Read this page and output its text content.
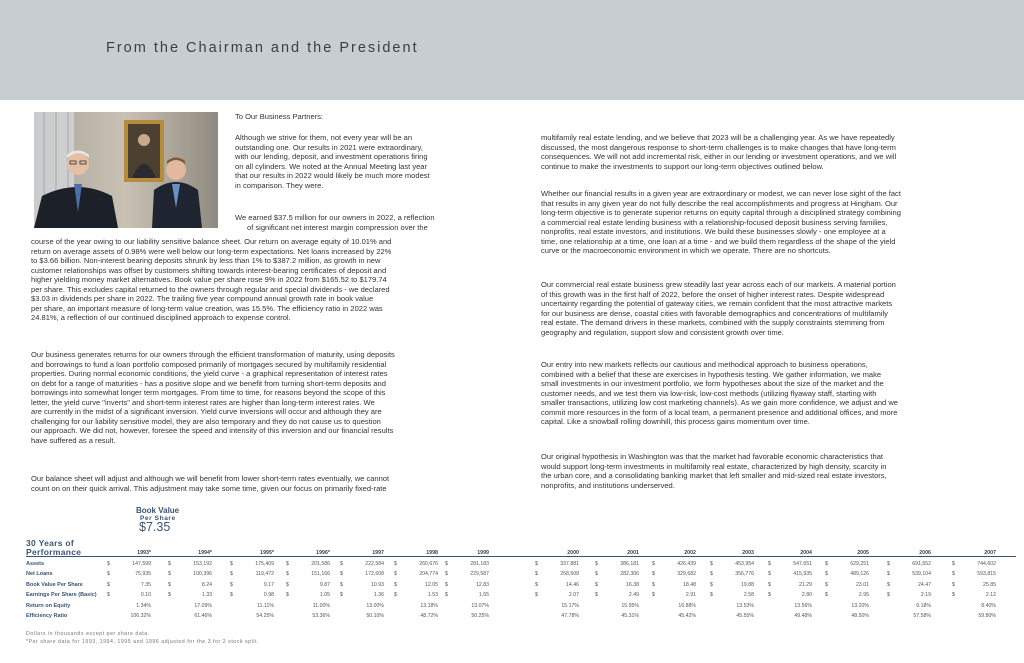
From the Chairman and the President
To Our Business Partners:

Although we strive for them, not every year will be an

outstanding one. Our results in 2021 were extraordinary,

with our lending, deposit, and investment operations firing

on all cylinders. We noted at the Annual Meeting last year

that our results in 2022 would likely be much more modest

in comparison. They were.

We earned $37.5 million for our owners in 2022, a reflection

of significant net interest margin compression over the

course of the year owing to our liability sensitive balance sheet. Our return on average equity of 10.01% and

return on average assets of 0.98% were well below our long-term expectations. Net loans increased by 22%

to $3.66 billion. Non-interest bearing deposits shrunk by less than 1% to $387.2 million, as growth in new

customer relationships was offset by customers shifting towards interest-bearing certificates of deposit and

higher yielding money market alternatives. Book value per share rose 9% in 2022 from $165.52 to $179.74

per share. This excludes capital returned to the owners through regular and special dividends - we declared

$3.03 in dividends per share in 2022. The trailing five year compound annual growth rate in book value

per share, an important measure of long-term value creation, was 15.5%. The efficiency ratio in 2022 was

24.81%, a reflection of our continued disciplined approach to expense control.

Our business generates returns for our owners through the efficient transformation of maturity, using deposits

and borrowings to fund a loan portfolio composed primarily of mortgages secured by multifamily residential

properties. During normal economic conditions, the yield curve - a graphical representation of interest rates

on debt for a range of maturities - has a positive slope and we benefit from turning short-term deposits and

borrowings into somewhat longer term mortgages. From time to time, for reasons beyond the scope of this

letter, the yield curve "inverts" and short-term interest rates are higher than long-term interest rates. We

are currently in the midst of a significant inversion. Yield curve inversions will occur and although they are

challenging for our liability sensitive model, they are also temporary and they do not cause us to question

our approach. We did not, however, foresee the speed and intensity of this inversion and our financial results

have suffered as a result.

Our balance sheet will adjust and although we will benefit from lower short-term rates eventually, we cannot

count on on their quick arrival. This adjustment may take some time, given our focus on primarily fixed-rate

multifamily real estate lending, and we believe that 2023 will be a challenging year. As we have repeatedly

discussed, the most dangerous response to short-term challenges is to make changes that have long-term

consequences. We will not add incremental risk, either in our lending or investment operations, and we will

continue to make the investments to support our long-term objectives outlined below.

Whether our financial results in a given year are extraordinary or modest, we can never lose sight of the fact

that results in any given year do not fully describe the real accomplishments and progress at Hingham. Our

long-term objective is to generate superior returns on equity capital through a disciplined strategy combining

a commercial real estate lending business with a relationship-focused deposit business serving families,

nonprofits, real estate investors, and institutions. We build these businesses slowly - one employee at a

time, one relationship at a time, one loan at a time - and we build them regardless of the shape of the yield

curve or the macroeconomic environment in which we operate. There are no shortcuts.

Our commercial real estate business grew steadily last year across each of our markets. A material portion

of this growth was in the first half of 2022, before the onset of higher interest rates. Despite widespread

uncertainty regarding the potential of gateway cities, we remain confident that the most attractive markets

for our business are dense, coastal cities with favorable demographics and concentrations of multifamily

real estate. The demand drivers in these markets, combined with the supply constraints stemming from

geography and regulation, support slow and consistent growth over time.

Our entry into new markets reflects our cautious and methodical approach to business operations,

combined with a belief that these are exercises in hypothesis testing. We gather information, we make

small investments in our investment portfolio, we form hypotheses about the size of the market and the

customer needs, and we test them via low-risk, low-cost methods (utilizing flyaway staff, starting with

smaller transactions, utilizing low cost marketing channels). As we gain more confidence, we adjust and we

commit more resources in the form of a local team, a permanent presence and additional offices, and more

capital. Like a snowball rolling downhill, this process gains momentum over time.

Our original hypothesis in Washington was that the market had favorable economic characteristics that

would support long-term investments in multifamily real estate, characterized by high density, scarcity in

the urban core, and a consolidating banking market that left smaller and mid-sized real estate investors,

nonprofits, and institutions underserved.

Book Value
Per Share
$7.35
30 Years of
Performance	1993*	1994*	1995*	1996*	1997	1998	1999	2000	2001	2002	2003	2004	2005	2006	2007
Assets	$	147,599	$	153,192	$	175,409 $	201,586 $	222,584 $	260,676 $	281,183	$	337,881	$	386,181	$	426,439	$	453,954	$	547,651	$	629,251	$	691,652	$	744,602
Net Loans	$	75,935	$	100,396	$	119,472 $	151,166 $	172,608 $	204,774 $	229,587	$	268,508	$	282,306	$	329,682	$	356,776	$	415,935	$	489,126	$	539,104	$	593,815
Book Value Per Share	$	7.35	$	8.24	$	9.17 $	9.87 $	10.93 $	12.05 $	12.83	$	14.46	$	16.38	$	18.48	$	19.88	$	21.29	$	23.01	$	24.47	$	25.85
Earnings Per Share (Basic) $	0.10	$	1.33	$	0.98 $	1.05 $	1.36 $	1.53 $	1.65	$	2.07	$	2.49	$	2.91	$	2.58	$	2.80	$	2.95	$	2.19	$	2.12
Return on Equity	1.34%	17.09%	11.11%	11.00%	13.00%	13.18%	13.07%	15.17%	15.95%	16.88%	13.53%	13.56%	13.20%	9.18%	8.40%
Efficiency Ratio	106.32%	61.46%	54.25%	53.36%	50.10%	48.72%	50.25%	47.78%	45.31%	45.42%	45.55%	49.48%	48.50%	57.58%	59.80%
Dollars in thousands except per share data.
*Per share data for 1993, 1994, 1995 and 1996 adjusted for the 3 for 2 stock split.
